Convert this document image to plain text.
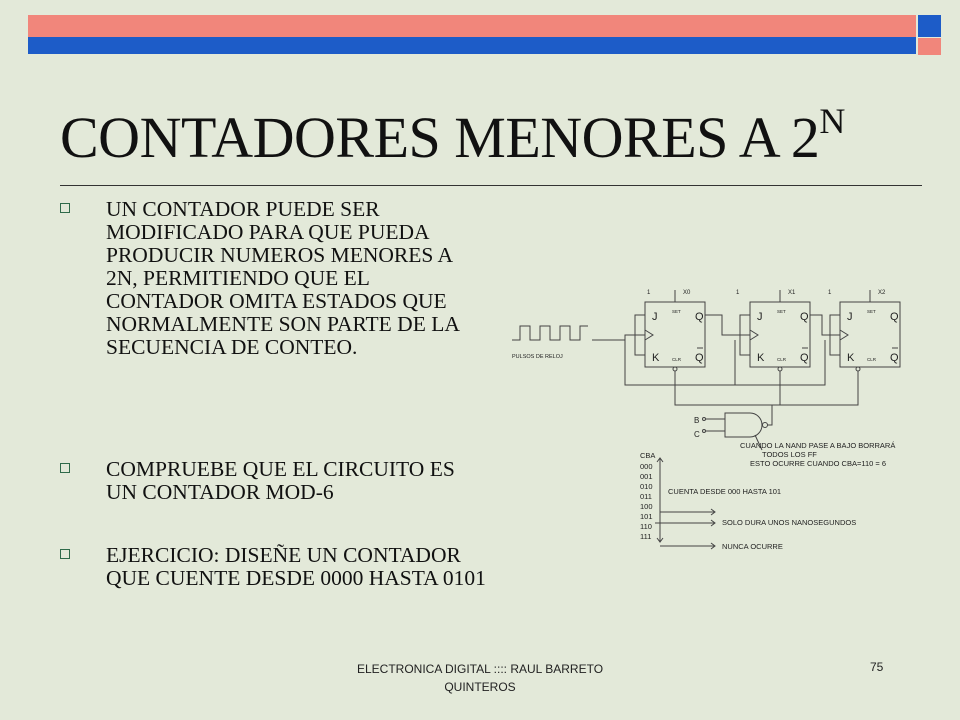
CONTADORES MENORES A $2^N$
UN CONTADOR PUEDE SER MODIFICADO PARA QUE PUEDA PRODUCIR NUMEROS MENORES A 2N, PERMITIENDO QUE EL CONTADOR OMITA ESTADOS QUE NORMALMENTE SON PARTE DE LA SECUENCIA DE CONTEO.
COMPRUEBE QUE EL CIRCUITO ES UN CONTADOR MOD-6
EJERCICIO: DISEÑE UN CONTADOR QUE CUENTE DESDE 0000 HASTA 0101
PULSOS DE RELOJ
X0	X1	X2
1	1	1
J
K
Q
Q
SET
CLR
J
K
Q
Q
SET
CLR
J
K
Q
Q
SET
CLR
B
C
CUANDO LA NAND PASE A BAJO BORRARÁ
TODOS LOS FF
ESTO OCURRE CUANDO CBA=110 = 6
CBA
000
001
010
011
100
101
110
111
CUENTA DESDE 000 HASTA 101
SOLO DURA UNOS NANOSEGUNDOS
NUNCA OCURRE
ELECTRONICA DIGITAL :::: RAUL BARRETO
QUINTEROS
75
